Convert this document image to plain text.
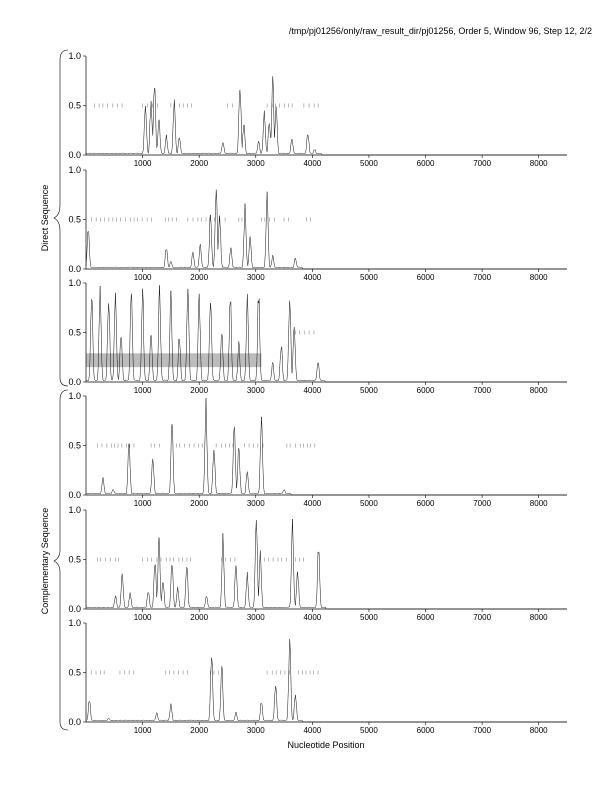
/tmp/pj01256/only/raw_result_dir/pj01256, Order 5, Window 96, Step 12, 2/2
0.0
0.5
1.0
1000	2000	3000	4000	5000	6000	7000	8000
0.0
0.5
1.0
1000	2000	3000	4000	5000	6000	7000	8000
0.0
0.5
1.0
1000	2000	3000	4000	5000	6000	7000	8000
0.0
0.5
1.0
1000	2000	3000	4000	5000	6000	7000	8000
0.0
0.5
1.0
1000	2000	3000	4000	5000	6000	7000	8000
0.0
0.5
1.0
1000	2000	3000	4000	5000	6000	7000	8000
Direct Sequence
Complementary Sequence
Nucleotide Position
